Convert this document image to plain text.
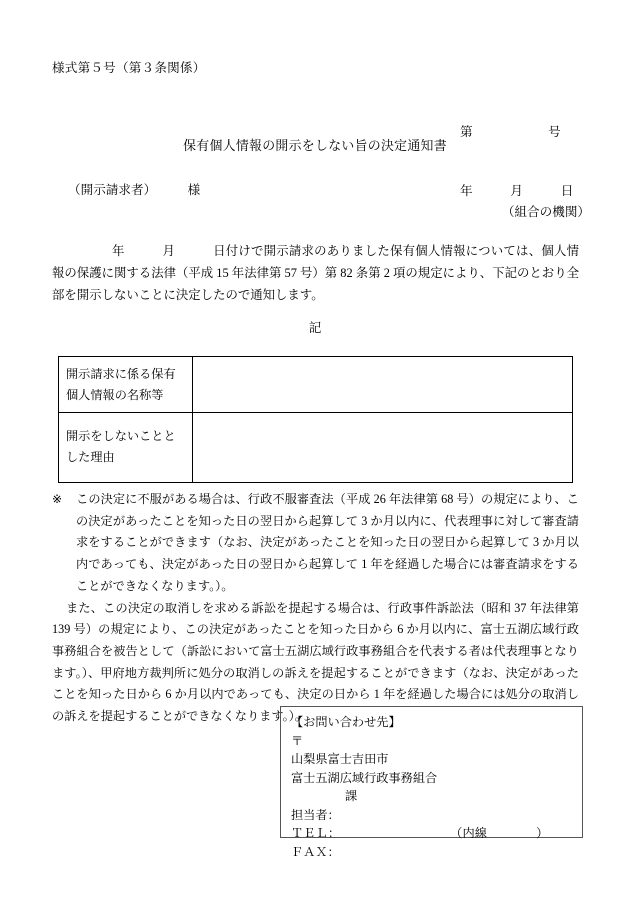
様式第５号（第３条関係）

第　　　　　　号

年　　　月　　　日

保有個人情報の開示をしない旨の決定通知書
（開示請求者）　　　様
（組合の機関）
年　　　月　　　日付けで開示請求のありました保有個人情報については、個人情報の保護に関する法律（平成 15 年法律第 57 号）第 82 条第 2 項の規定により、下記のとおり全部を開示しないことに決定したので通知します。
記
開示請求に係る保有個人情報の名称等	
開示をしないこととした理由	
※ この決定に不服がある場合は、行政不服審査法（平成 26 年法律第 68 号）の規定により、この決定があったことを知った日の翌日から起算して 3 か月以内に、代表理事に対して審査請求をすることができます（なお、決定があったことを知った日の翌日から起算して 3 か月以内であっても、決定があった日の翌日から起算して 1 年を経過した場合には審査請求をすることができなくなります。）。
また、この決定の取消しを求める訴訟を提起する場合は、行政事件訴訟法（昭和 37 年法律第 139 号）の規定により、この決定があったことを知った日から 6 か月以内に、富士五湖広域行政事務組合を被告として（訴訟において富士五湖広域行政事務組合を代表する者は代表理事となります。）、甲府地方裁判所に処分の取消しの訴えを提起することができます（なお、決定があったことを知った日から 6 か月以内であっても、決定の日から 1 年を経過した場合には処分の取消しの訴えを提起することができなくなります。）。
【お問い合わせ先】
〒
山梨県富士吉田市
富士五湖広域行政事務組合
課
担当者：
ＴＥＬ：	（内線　　　　）
ＦＡＸ：
